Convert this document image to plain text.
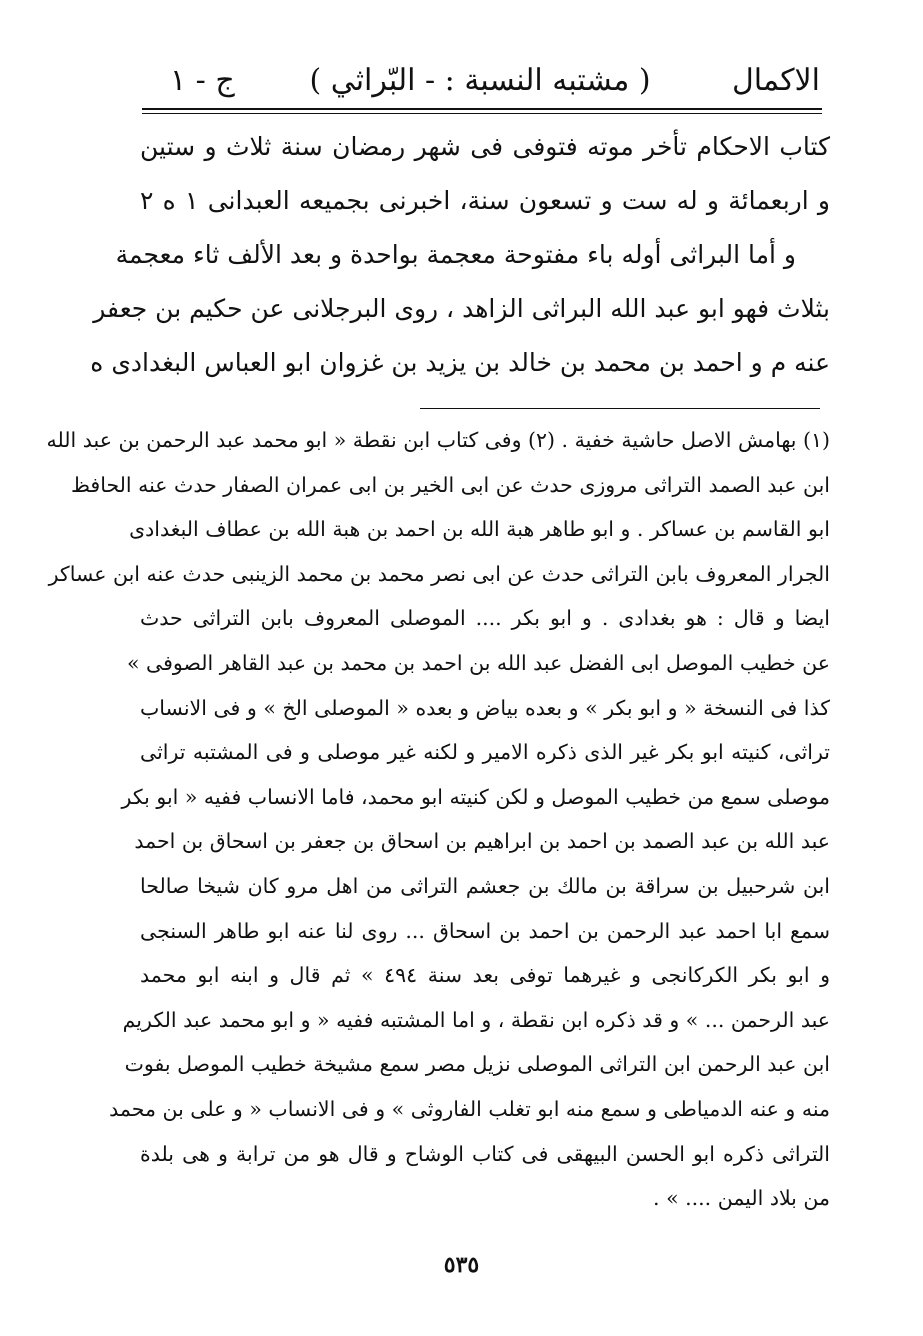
الاكمال
( مشتبه النسبة : - البّراثي )
ج - ١
كتاب الاحكام تأخر موته فتوفى فى شهر رمضان سنة ثلاث و ستين
و اربعمائة و له ست و تسعون سنة، اخبرنى بجميعه العبدانى ١ ه ٢
و أما البراثى أوله باء مفتوحة معجمة بواحدة و بعد الألف ثاء معجمة
بثلاث فهو ابو عبد الله البراثى الزاهد ، روى البرجلانى عن حكيم بن جعفر
عنه م و احمد بن محمد بن خالد بن يزيد بن غزوان ابو العباس البغدادى ه
(١) بهامش الاصل حاشية خفية . (٢) وفى كتاب ابن نقطة « ابو محمد عبد الرحمن بن عبد الله
ابن عبد الصمد التراثى مروزى حدث عن ابى الخير بن ابى عمران الصفار حدث عنه الحافظ
ابو القاسم بن عساكر . و ابو طاهر هبة الله بن احمد بن هبة الله بن عطاف البغدادى
الجرار المعروف بابن التراثى حدث عن ابى نصر محمد بن محمد الزينبى حدث عنه ابن عساكر
ايضا و قال : هو بغدادى . و ابو بكر .... الموصلى المعروف بابن التراثى حدث
عن خطيب الموصل ابى الفضل عبد الله بن احمد بن محمد بن عبد القاهر الصوفى »
كذا فى النسخة « و ابو بكر » و بعده بياض و بعده « الموصلى الخ » و فى الانساب
تراثى، كنيته ابو بكر غير الذى ذكره الامير و لكنه غير موصلى و فى المشتبه تراثى
موصلى سمع من خطيب الموصل و لكن كنيته ابو محمد، فاما الانساب ففيه « ابو بكر
عبد الله بن عبد الصمد بن احمد بن ابراهيم بن اسحاق بن جعفر بن اسحاق بن احمد
ابن شرحبيل بن سراقة بن مالك بن جعشم التراثى من اهل مرو كان شيخا صالحا
سمع ابا احمد عبد الرحمن بن احمد بن اسحاق ... روى لنا عنه ابو طاهر السنجى
و ابو بكر الكركانجى و غيرهما توفى بعد سنة ٤٩٤ » ثم قال و ابنه ابو محمد
عبد الرحمن ... » و قد ذكره ابن نقطة ، و اما المشتبه ففيه « و ابو محمد عبد الكريم
ابن عبد الرحمن ابن التراثى الموصلى نزيل مصر سمع مشيخة خطيب الموصل بفوت
منه و عنه الدمياطى و سمع منه ابو تغلب الفاروثى » و فى الانساب « و على بن محمد
التراثى ذكره ابو الحسن البيهقى فى كتاب الوشاح و قال هو من ترابة و هى بلدة
من بلاد اليمن .... » .
٥٣٥
